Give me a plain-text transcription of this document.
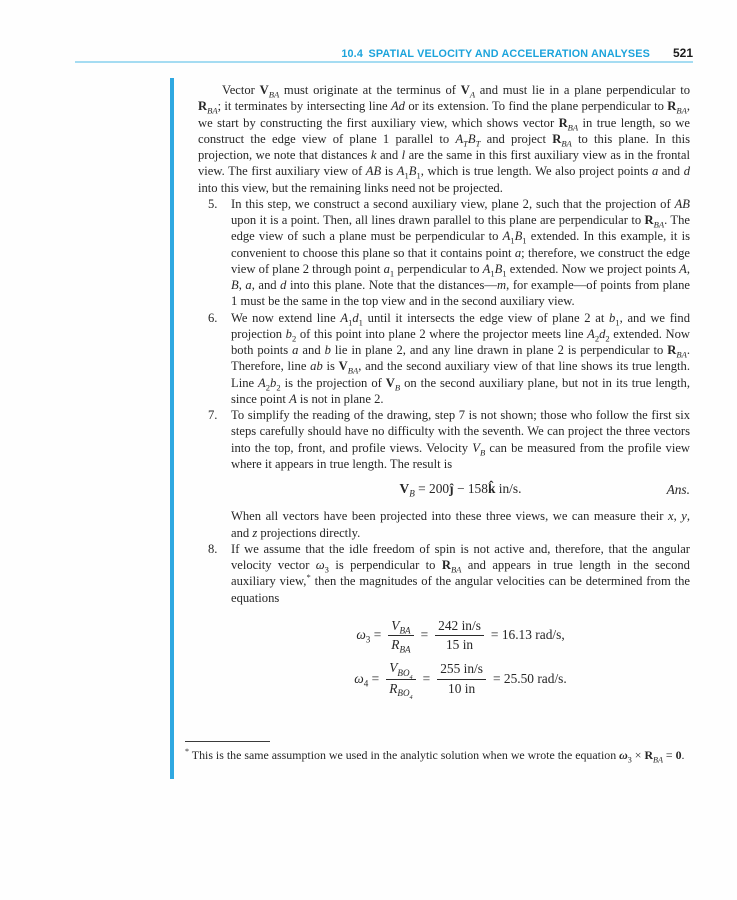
10.4 SPATIAL VELOCITY AND ACCELERATION ANALYSES 521

Vector $V_{BA}$ must originate at the terminus of $V_A$ and must lie in a plane perpendicular to $R_{BA}$; it terminates by intersecting line Ad or its extension. To find the plane perpendicular to $R_{BA}$, we start by constructing the first auxiliary view, which shows vector $R_{BA}$ in true length, so we construct the edge view of plane 1 parallel to $A_TB_T$ and project $R_{BA}$ to this plane. In this projection, we note that distances k and l are the same in this first auxiliary view as in the frontal view. The first auxiliary view of AB is $A_1B_1$, which is true length. We also project points a and d into this view, but the remaining links need not be projected.

5. In this step, we construct a second auxiliary view, plane 2, such that the projection of AB upon it is a point. Then, all lines drawn parallel to this plane are perpendicular to $R_{BA}$. The edge view of such a plane must be perpendicular to $A_1B_1$ extended. In this example, it is convenient to choose this plane so that it contains point a; therefore, we construct the edge view of plane 2 through point $a_1$ perpendicular to $A_1B_1$ extended. Now we project points A, B, a, and d into this plane. Note that the distances—m, for example—of points from plane 1 must be the same in the top view and in the second auxiliary view.
6. We now extend line $A_1d_1$ until it intersects the edge view of plane 2 at $b_1$, and we find projection $b_2$ of this point into plane 2 where the projector meets line $A_2d_2$ extended. Now both points a and b lie in plane 2, and any line drawn in plane 2 is perpendicular to $R_{BA}$. Therefore, line ab is $V_{BA}$, and the second auxiliary view of that line shows its true length. Line $A_2b_2$ is the projection of $V_B$ on the second auxiliary plane, but not in its true length, since point A is not in plane 2.
7. To simplify the reading of the drawing, step 7 is not shown; those who follow the first six steps carefully should have no difficulty with the seventh. We can project the three vectors into the top, front, and profile views. Velocity $V_B$ can be measured from the profile view where it appears in true length. The result is
$V_B$ = 200ĵ − 158k̂ in/s.	Ans.

When all vectors have been projected into these three views, we can measure their x, y, and z projections directly.

8. If we assume that the idle freedom of spin is not active and, therefore, that the angular velocity vector $\omega_3$ is perpendicular to $R_{BA}$ and appears in true length in the second auxiliary view,* then the magnitudes of the angular velocities can be determined from the equations
$\omega_3 = \frac{V_{BA}}{R_{BA}} = \frac{242 in/s}{15 in} = 16.13$ rad/s,
$\omega_4 = \frac{V_{BO_4}}{R_{BO_4}} = \frac{255 in/s}{10 in} = 25.50$ rad/s.
* This is the same assumption we used in the analytic solution when we wrote the equation $\omega_3 \times R_{BA} = 0$.
